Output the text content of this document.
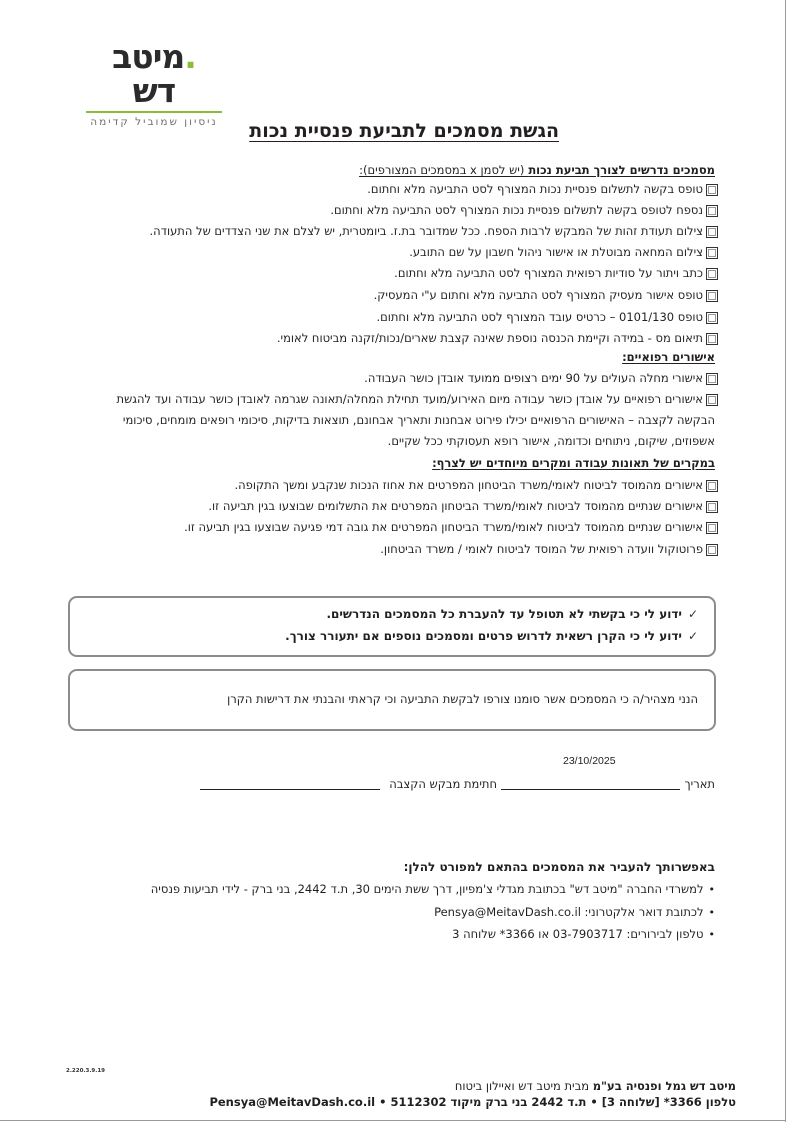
.מיטב דש
ניסיון שמוביל קדימה	הגשת מסמכים לתביעת פנסיית נכות
מסמכים נדרשים לצורך תביעת נכות (יש לסמן x במסמכים המצורפים):
טופס בקשה לתשלום פנסיית נכות המצורף לסט התביעה מלא וחתום.
נספח לטופס בקשה לתשלום פנסיית נכות המצורף לסט התביעה מלא וחתום.
צילום תעודת זהות של המבקש לרבות הספח. ככל שמדובר בת.ז. ביומטרית, יש לצלם את שני הצדדים של התעודה.
צילום המחאה מבוטלת או אישור ניהול חשבון על שם התובע.
כתב ויתור על סודיות רפואית המצורף לסט התביעה מלא וחתום.
טופס אישור מעסיק המצורף לסט התביעה מלא וחתום ע"י המעסיק.
טופס 0101/130 – כרטיס עובד המצורף לסט התביעה מלא וחתום.
תיאום מס - במידה וקיימת הכנסה נוספת שאינה קצבת שארים/נכות/זקנה מביטוח לאומי.
אישורים רפואיים:
אישורי מחלה העולים על 90 ימים רצופים ממועד אובדן כושר העבודה.
אישורים רפואיים על אובדן כושר עבודה מיום האירוע/מועד תחילת המחלה/תאונה שגרמה לאובדן כושר עבודה ועד להגשת
הבקשה לקצבה – האישורים הרפואיים יכילו פירוט אבחנות ותאריך אבחונם, תוצאות בדיקות, סיכומי רופאים מומחים, סיכומי
אשפוזים, שיקום, ניתוחים וכדומה, אישור רופא תעסוקתי ככל שקיים.
במקרים של תאונות עבודה ומקרים מיוחדים יש לצרף:
אישורים מהמוסד לביטוח לאומי/משרד הביטחון המפרטים את אחוז הנכות שנקבע ומשך התקופה.
אישורים שנתיים מהמוסד לביטוח לאומי/משרד הביטחון המפרטים את התשלומים שבוצעו בגין תביעה זו.
אישורים שנתיים מהמוסד לביטוח לאומי/משרד הביטחון המפרטים את גובה דמי פגיעה שבוצעו בגין תביעה זו.
פרוטוקול וועדה רפואית של המוסד לביטוח לאומי / משרד הביטחון.
✓
ידוע לי כי בקשתי לא תטופל עד להעברת כל המסמכים הנדרשים.
✓
ידוע לי כי הקרן רשאית לדרוש פרטים ומסמכים נוספים אם יתעורר צורך.
הנני מצהיר/ה כי המסמכים אשר סומנו צורפו לבקשת התביעה וכי קראתי והבנתי את דרישות הקרן
23/10/2025
תאריך
חתימת מבקש הקצבה
באפשרותך להעביר את המסמכים בהתאם למפורט להלן:
•
למשרדי החברה "מיטב דש" בכתובת מגדלי צ'מפיון, דרך ששת הימים 30, ת.ד 2442, בני ברק - לידי תביעות פנסיה
•
לכתובת דואר אלקטרוני: Pensya@MeitavDash.co.il
•
טלפון לבירורים: 03-7903717 או 3366* שלוחה 3
2.220.3.9.19
מיטב דש גמל ופנסיה בע"מ מבית מיטב דש ואיילון ביטוח
טלפון 3366* [שלוחה 3] • ת.ד 2442 בני ברק מיקוד 5112302 • Pensya@MeitavDash.co.il
